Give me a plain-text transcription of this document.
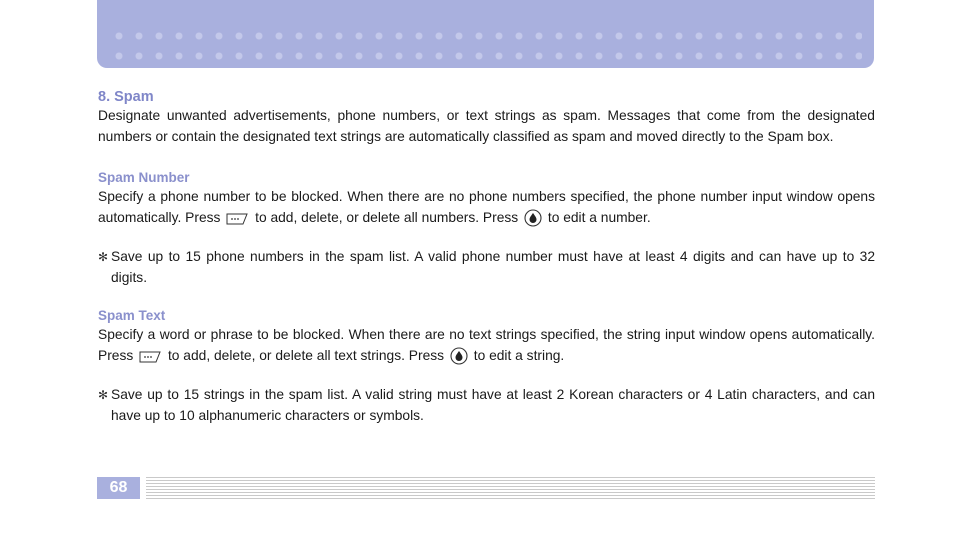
8. Spam

Designate unwanted advertisements, phone numbers, or text strings as spam. Messages that come from the designated numbers or contain the designated text strings are automatically classified as spam and moved directly to the Spam box.

Spam Number

Specify a phone number to be blocked. When there are no phone numbers specified, the phone number input window opens automatically. Press	to add, delete, or delete all numbers. Press to edit a number.

✻ Save up to 15 phone numbers in the spam list. A valid phone number must have at least 4 digits and can have up to 32 digits.
Spam Text

Specify a word or phrase to be blocked. When there are no text strings specified, the string input window opens automatically. Press	to add, delete, or delete all text strings. Press to edit a string.

✻ Save up to 15 strings in the spam list. A valid string must have at least 2 Korean characters or 4 Latin characters, and can have up to 10 alphanumeric characters or symbols.
68
